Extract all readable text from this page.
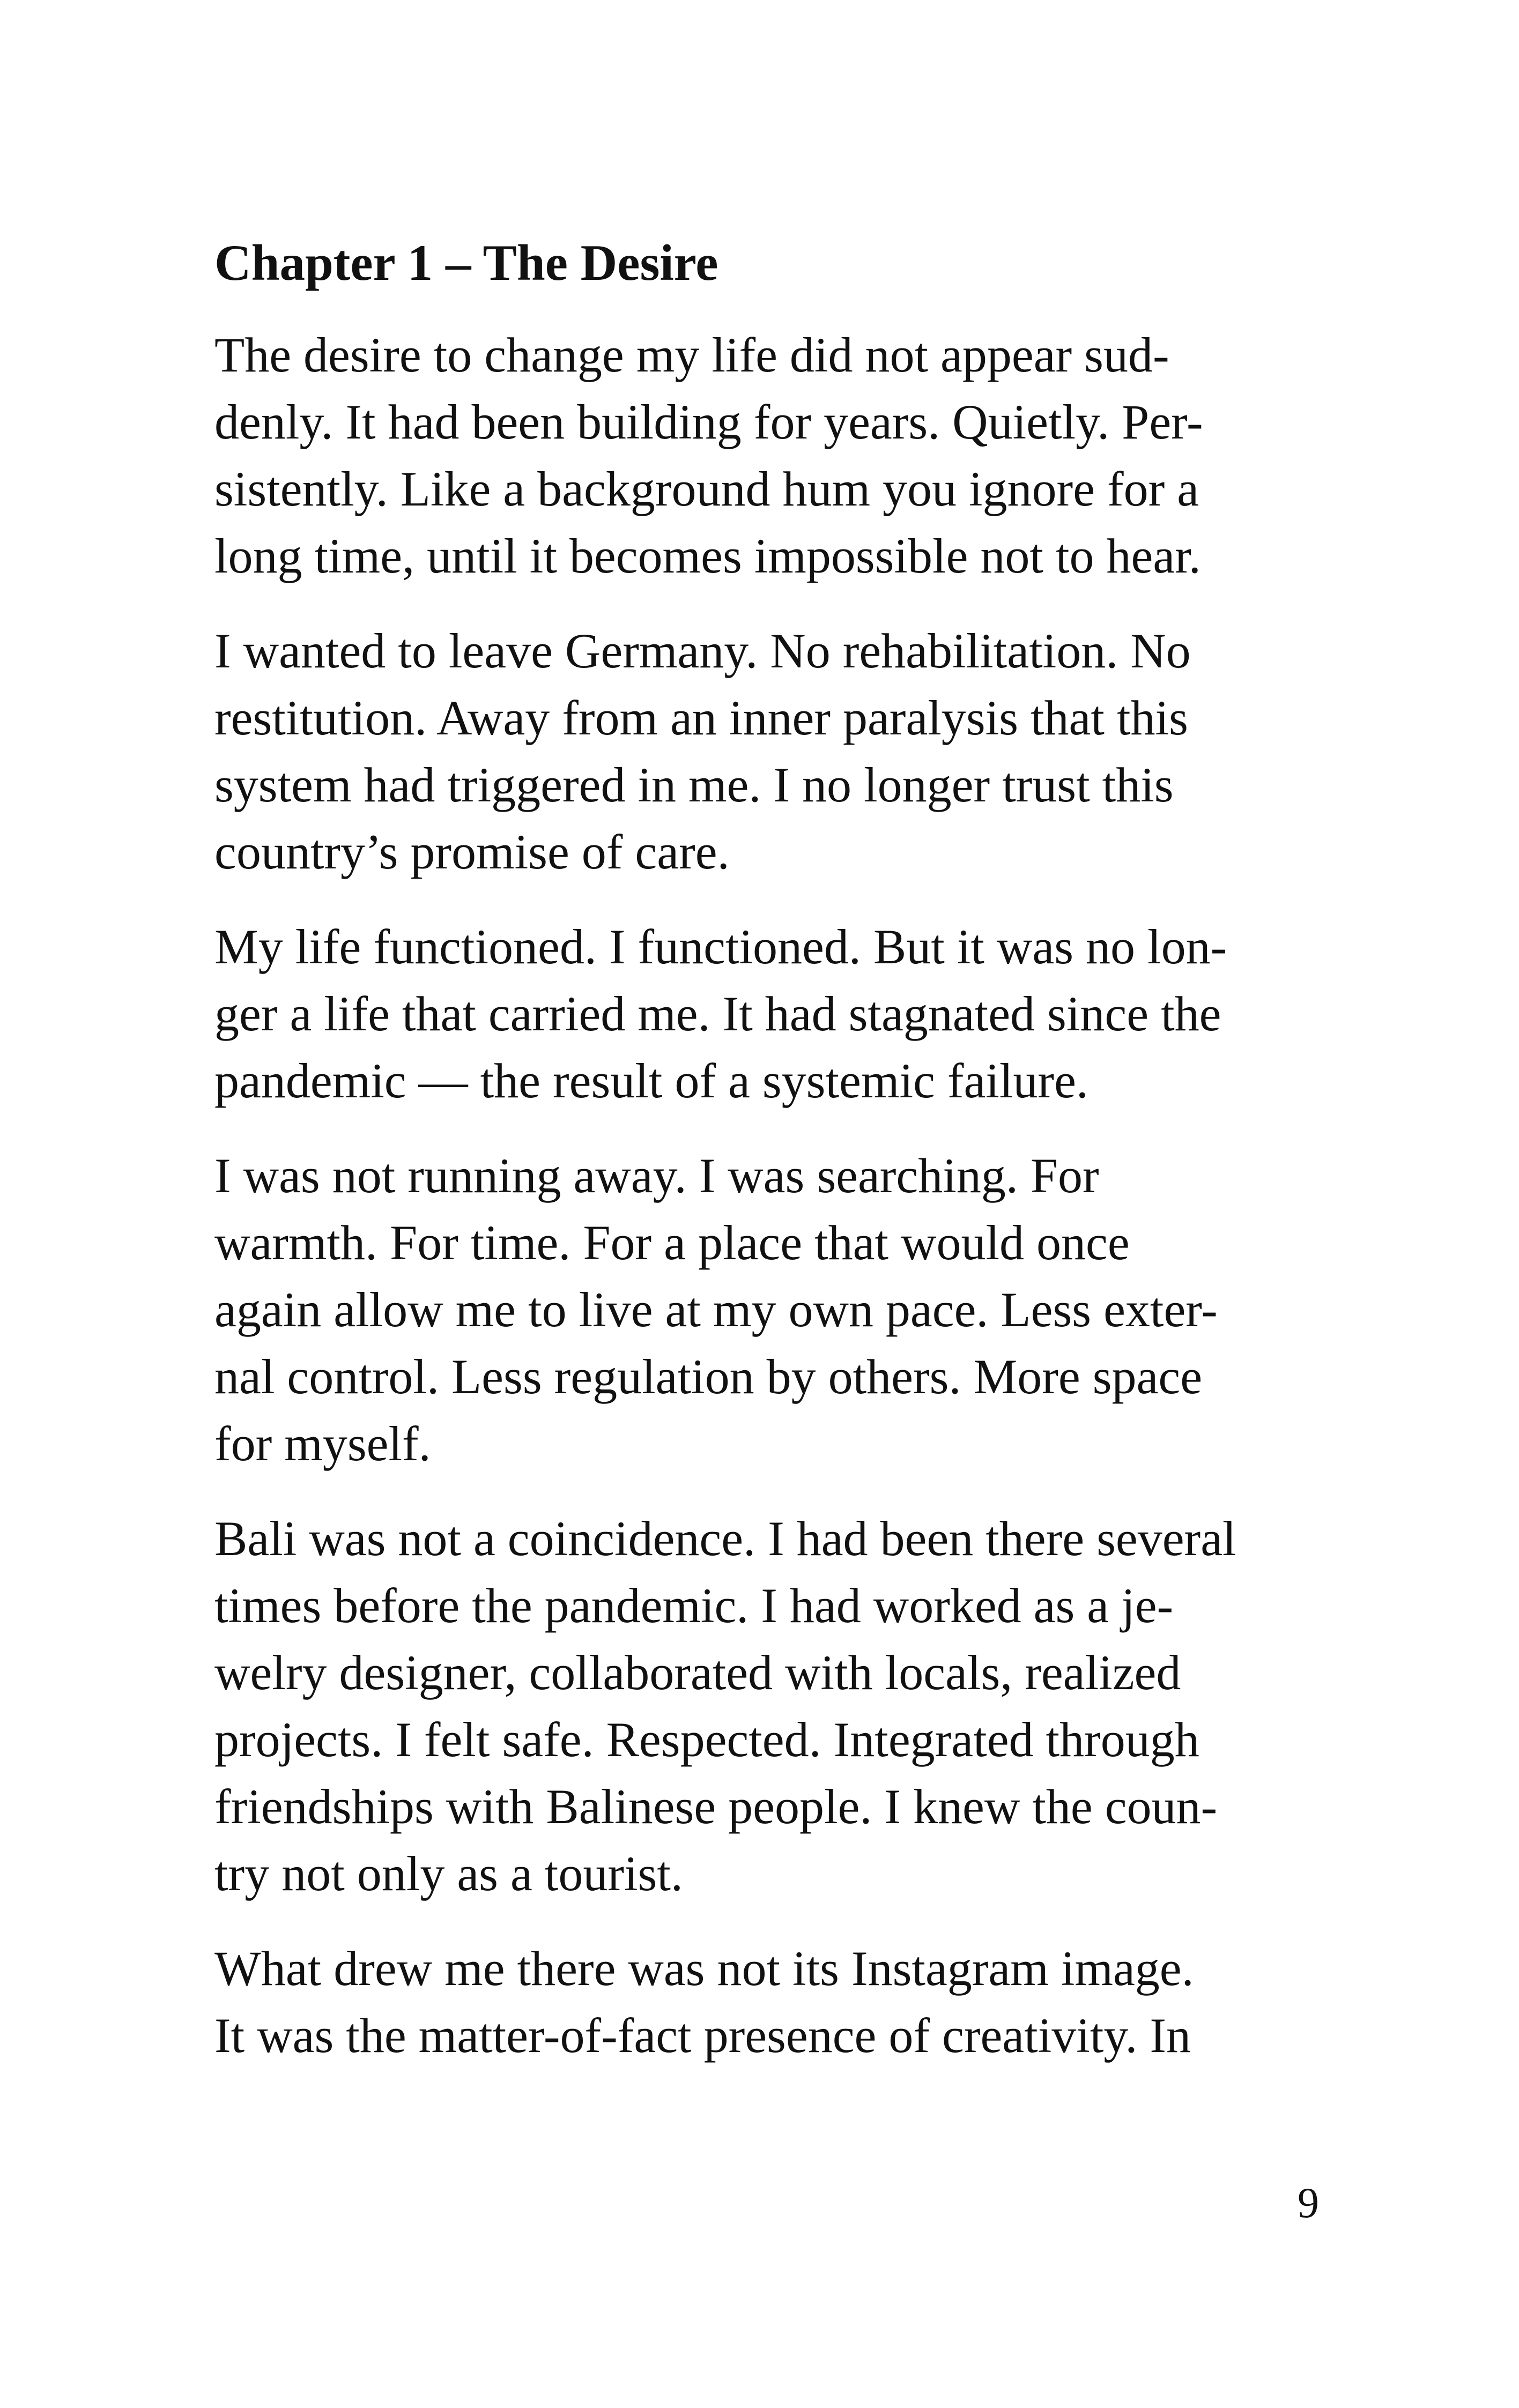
Chapter 1 – The Desire

The desire to change my life did not appear sud-
denly. It had been building for years. Quietly. Per-
sistently. Like a background hum you ignore for a
long time, until it becomes impossible not to hear.

I wanted to leave Germany. No rehabilitation. No
restitution. Away from an inner paralysis that this
system had triggered in me. I no longer trust this
country’s promise of care.

My life functioned. I functioned. But it was no lon-
ger a life that carried me. It had stagnated since the
pandemic — the result of a systemic failure.

I was not running away. I was searching. For
warmth. For time. For a place that would once
again allow me to live at my own pace. Less exter-
nal control. Less regulation by others. More space
for myself.

Bali was not a coincidence. I had been there several
times before the pandemic. I had worked as a je-
welry designer, collaborated with locals, realized
projects. I felt safe. Respected. Integrated through
friendships with Balinese people. I knew the coun-
try not only as a tourist.

What drew me there was not its Instagram image.
It was the matter-of-fact presence of creativity. In

9
